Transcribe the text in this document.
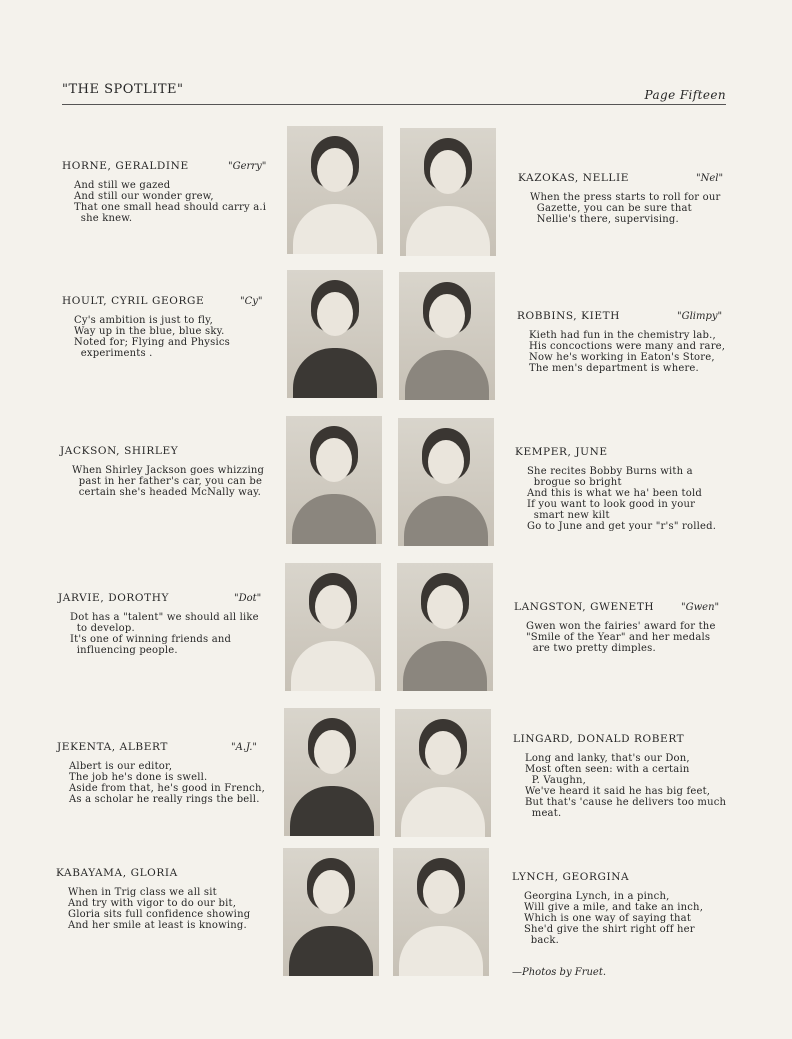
"THE SPOTLITE"	Page Fifteen
HORNE, GERALDINE	"Gerry"
And still we gazed
And still our wonder grew,
That one small head should carry a.i
she knew.
HOULT, CYRIL GEORGE	"Cy"
Cy's ambition is just to fly,
Way up in the blue, blue sky.
Noted for; Flying and Physics
experiments .
JACKSON, SHIRLEY
When Shirley Jackson goes whizzing
past in her father's car, you can be
certain she's headed McNally way.
JARVIE, DOROTHY	"Dot"
Dot has a "talent" we should all like
to develop.
It's one of winning friends and
influencing people.
JEKENTA, ALBERT	"A.J."
Albert is our editor,
The job he's done is swell.
Aside from that, he's good in French,
As a scholar he really rings the bell.
KABAYAMA, GLORIA
When in Trig class we all sit
And try with vigor to do our bit,
Gloria sits full confidence showing
And her smile at least is knowing.
KAZOKAS, NELLIE	"Nel"
When the press starts to roll for our
Gazette, you can be sure that
Nellie's there, supervising.
ROBBINS, KIETH	"Glimpy"
Kieth had fun in the chemistry lab.,
His concoctions were many and rare,
Now he's working in Eaton's Store,
The men's department is where.
KEMPER, JUNE
She recites Bobby Burns with a
brogue so bright
And this is what we ha' been told
If you want to look good in your
smart new kilt
Go to June and get your "r's" rolled.
LANGSTON, GWENETH	"Gwen"
Gwen won the fairies' award for the
"Smile of the Year" and her medals
are two pretty dimples.
LINGARD, DONALD ROBERT
Long and lanky, that's our Don,
Most often seen: with a certain
P. Vaughn,
We've heard it said he has big feet,
But that's 'cause he delivers too much
meat.
LYNCH, GEORGINA
Georgina Lynch, in a pinch,
Will give a mile, and take an inch,
Which is one way of saying that
She'd give the shirt right off her
back.
—Photos by Fruet.
